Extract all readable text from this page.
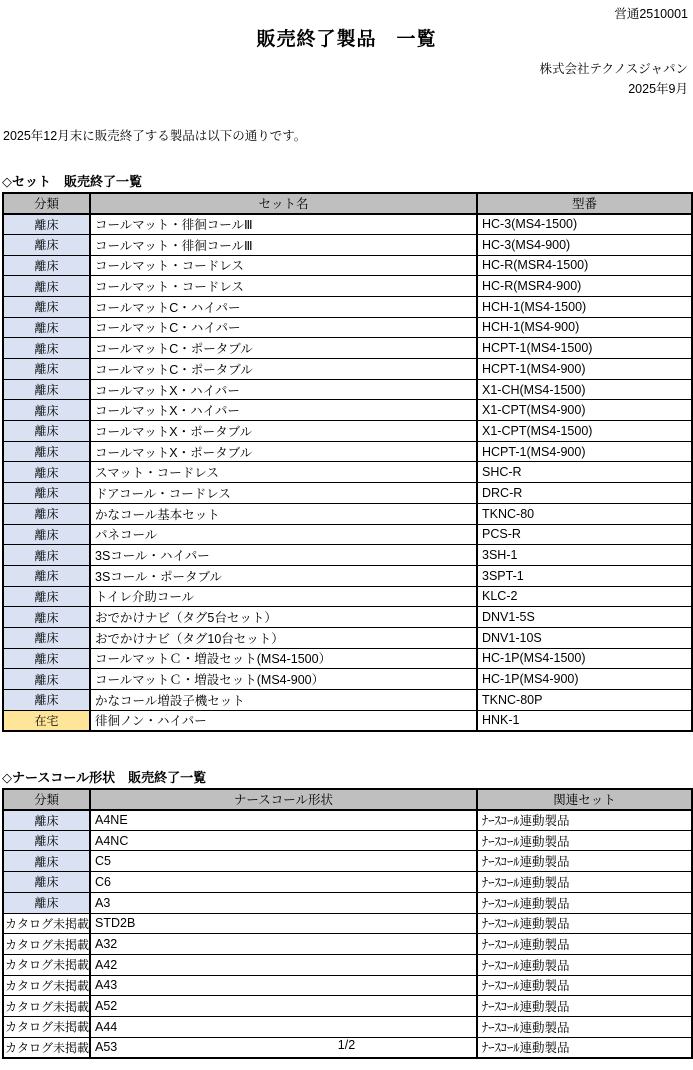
営通2510001
販売終了製品　一覧
株式会社テクノスジャパン
2025年9月
2025年12月末に販売終了する製品は以下の通りです。
◇セット　販売終了一覧
分類	セット名	型番
離床	コールマット・徘徊コールⅢ	HC-3(MS4-1500)
離床	コールマット・徘徊コールⅢ	HC-3(MS4-900)
離床	コールマット・コードレス	HC-R(MSR4-1500)
離床	コールマット・コードレス	HC-R(MSR4-900)
離床	コールマットC・ハイパー	HCH-1(MS4-1500)
離床	コールマットC・ハイパー	HCH-1(MS4-900)
離床	コールマットC・ポータブル	HCPT-1(MS4-1500)
離床	コールマットC・ポータブル	HCPT-1(MS4-900)
離床	コールマットX・ハイパー	X1-CH(MS4-1500)
離床	コールマットX・ハイパー	X1-CPT(MS4-900)
離床	コールマットX・ポータブル	X1-CPT(MS4-1500)
離床	コールマットX・ポータブル	HCPT-1(MS4-900)
離床	スマット・コードレス	SHC-R
離床	ドアコール・コードレス	DRC-R
離床	かなコール基本セット	TKNC-80
離床	パネコール	PCS-R
離床	3Sコール・ハイパー	3SH-1
離床	3Sコール・ポータブル	3SPT-1
離床	トイレ介助コール	KLC-2
離床	おでかけナビ（タグ5台セット）	DNV1-5S
離床	おでかけナビ（タグ10台セット）	DNV1-10S
離床	コールマットＣ・増設セット(MS4-1500）	HC-1P(MS4-1500)
離床	コールマットＣ・増設セット(MS4-900）	HC-1P(MS4-900)
離床	かなコール増設子機セット	TKNC-80P
在宅	徘徊ノン・ハイパー	HNK-1
◇ナースコール形状　販売終了一覧
分類	ナースコール形状	関連セット
離床	A4NE	ﾅｰｽｺｰﾙ連動製品
離床	A4NC	ﾅｰｽｺｰﾙ連動製品
離床	C5	ﾅｰｽｺｰﾙ連動製品
離床	C6	ﾅｰｽｺｰﾙ連動製品
離床	A3	ﾅｰｽｺｰﾙ連動製品
カタログ未掲載	STD2B	ﾅｰｽｺｰﾙ連動製品
カタログ未掲載	A32	ﾅｰｽｺｰﾙ連動製品
カタログ未掲載	A42	ﾅｰｽｺｰﾙ連動製品
カタログ未掲載	A43	ﾅｰｽｺｰﾙ連動製品
カタログ未掲載	A52	ﾅｰｽｺｰﾙ連動製品
カタログ未掲載	A44	ﾅｰｽｺｰﾙ連動製品
カタログ未掲載	A53	ﾅｰｽｺｰﾙ連動製品
1/2
